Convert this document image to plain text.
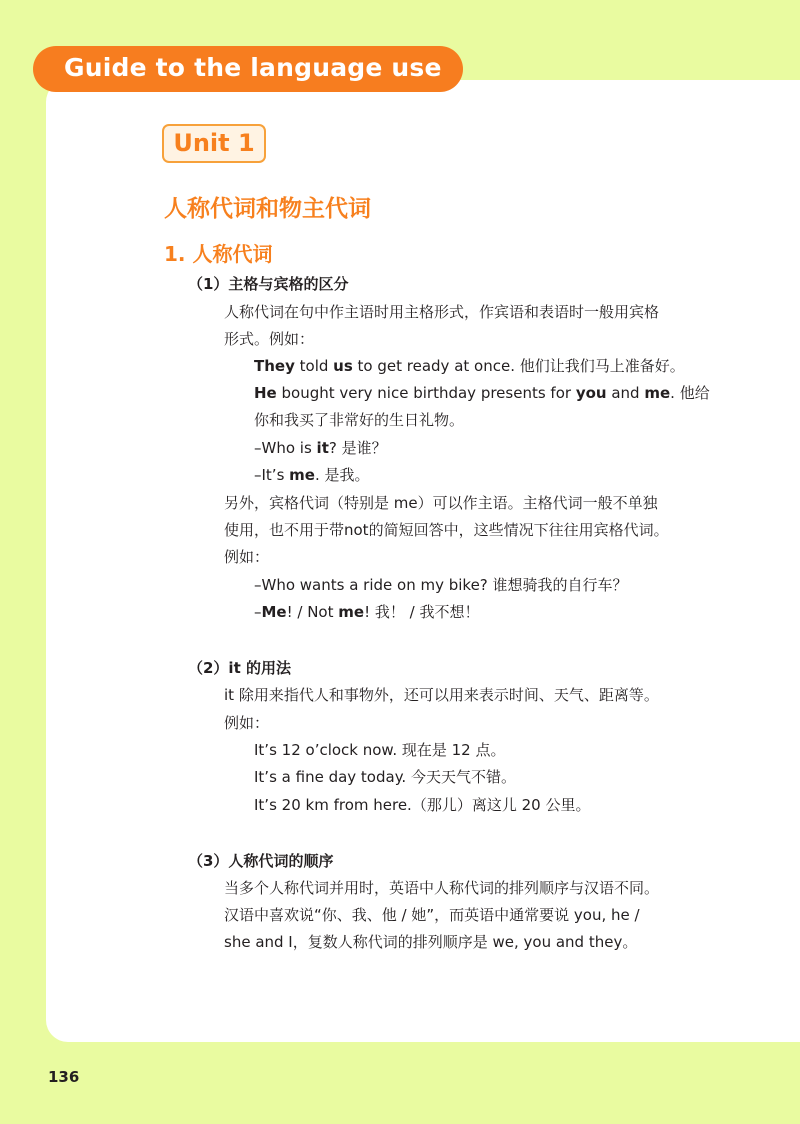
Guide to the language use
Unit 1
人称代词和物主代词
1. 人称代词
（1）主格与宾格的区分
人称代词在句中作主语时用主格形式，作宾语和表语时一般用宾格
形式。例如：
They told us to get ready at once. 他们让我们马上准备好。
He bought very nice birthday presents for you and me. 他给
你和我买了非常好的生日礼物。
–Who is it? 是谁？
–It’s me. 是我。
另外，宾格代词（特别是 me）可以作主语。主格代词一般不单独
使用，也不用于带not的简短回答中，这些情况下往往用宾格代词。
例如：
–Who wants a ride on my bike? 谁想骑我的自行车？
–Me! / Not me! 我！ / 我不想！
（2）it 的用法
it 除用来指代人和事物外，还可以用来表示时间、天气、距离等。
例如：
It’s 12 o’clock now. 现在是 12 点。
It’s a fine day today. 今天天气不错。
It’s 20 km from here.（那儿）离这儿 20 公里。
（3）人称代词的顺序
当多个人称代词并用时，英语中人称代词的排列顺序与汉语不同。
汉语中喜欢说“你、我、他 / 她”，而英语中通常要说 you, he /
she and I，复数人称代词的排列顺序是 we, you and they。
136
